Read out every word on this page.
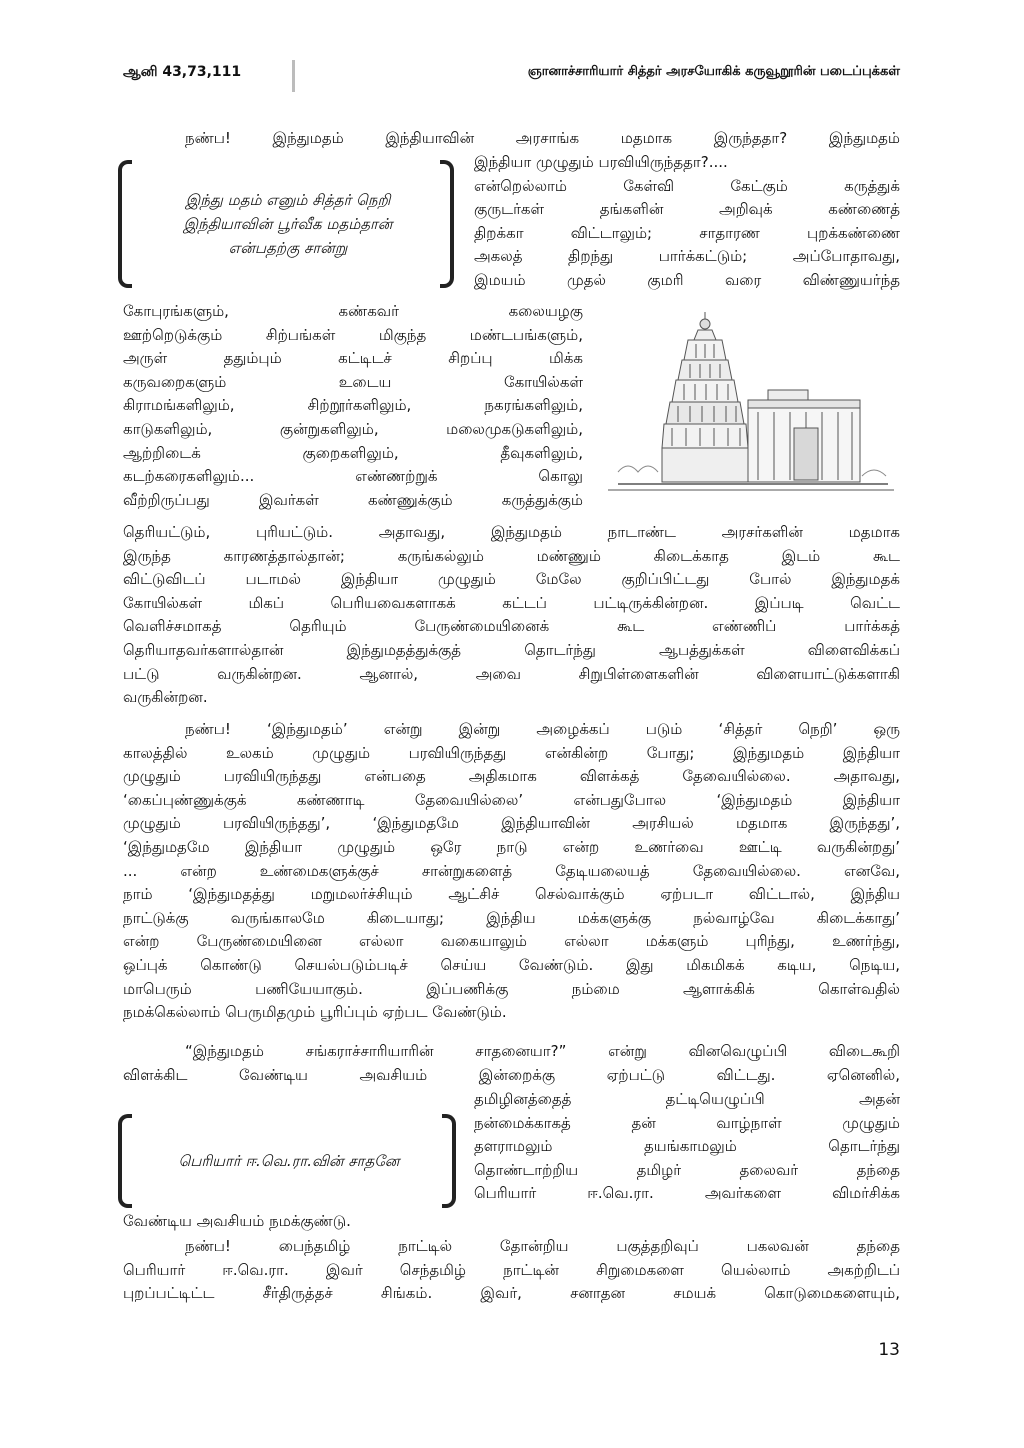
ஆனி 43,73,111	ஞானாச்சாரியார் சித்தர் அரசயோகிக் கருவூறூரின் படைப்புக்கள்

நண்ப! இந்துமதம் இந்தியாவின் அரசாங்க மதமாக இருந்ததா? இந்துமதம்

இந்து மதம் எனும் சித்தர் நெறி
இந்தியாவின் பூர்வீக மதம்தான்
என்பதற்கு சான்று

இந்தியா முழுதும் பரவியிருந்ததா?....

என்றெல்லாம் கேள்வி கேட்கும் கருத்துக்

குருடர்கள் தங்களின் அறிவுக் கண்ணைத்

திறக்கா விட்டாலும்; சாதாரண புறக்கண்ணை

அகலத் திறந்து பார்க்கட்டும்; அப்போதாவது,

இமயம் முதல் குமரி வரை விண்ணுயர்ந்த

கோபுரங்களும், கண்கவர் கலையழகு

ஊற்றெடுக்கும் சிற்பங்கள் மிகுந்த மண்டபங்களும்,

அருள் ததும்பும் கட்டிடச் சிறப்பு மிக்க

கருவறைகளும் உடைய கோயில்கள்

கிராமங்களிலும், சிற்றூர்களிலும், நகரங்களிலும்,

காடுகளிலும், குன்றுகளிலும், மலைமுகடுகளிலும்,

ஆற்றிடைக் குறைகளிலும், தீவுகளிலும்,

கடற்கரைகளிலும்... எண்ணற்றுக் கொலு

வீற்றிருப்பது இவர்கள் கண்ணுக்கும் கருத்துக்கும்

தெரியட்டும், புரியட்டும். அதாவது, இந்துமதம் நாடாண்ட அரசர்களின் மதமாக

இருந்த காரணத்தால்தான்; கருங்கல்லும் மண்ணும் கிடைக்காத இடம் கூட

விட்டுவிடப் படாமல் இந்தியா முழுதும் மேலே குறிப்பிட்டது போல் இந்துமதக்

கோயில்கள் மிகப் பெரியவைகளாகக் கட்டப் பட்டிருக்கின்றன. இப்படி வெட்ட

வெளிச்சமாகத் தெரியும் பேருண்மையினைக் கூட எண்ணிப் பார்க்கத்

தெரியாதவர்களால்தான் இந்துமதத்துக்குத் தொடர்ந்து ஆபத்துக்கள் விளைவிக்கப்

பட்டு வருகின்றன. ஆனால், அவை சிறுபிள்ளைகளின் விளையாட்டுக்களாகி

வருகின்றன.

நண்ப! ‘இந்துமதம்’ என்று இன்று அழைக்கப் படும் ‘சித்தர் நெறி’ ஒரு

காலத்தில் உலகம் முழுதும் பரவியிருந்தது என்கின்ற போது; இந்துமதம் இந்தியா

முழுதும் பரவியிருந்தது என்பதை அதிகமாக விளக்கத் தேவையில்லை. அதாவது,

‘கைப்புண்ணுக்குக் கண்ணாடி தேவையில்லை’ என்பதுபோல ‘இந்துமதம் இந்தியா

முழுதும் பரவியிருந்தது’, ‘இந்துமதமே இந்தியாவின் அரசியல் மதமாக இருந்தது’,

‘இந்துமதமே இந்தியா முழுதும் ஒரே நாடு என்ற உணர்வை ஊட்டி வருகின்றது’

... என்ற உண்மைகளுக்குச் சான்றுகளைத் தேடியலையத் தேவையில்லை. எனவே,

நாம் ‘இந்துமதத்து மறுமலர்ச்சியும் ஆட்சிச் செல்வாக்கும் ஏற்படா விட்டால், இந்திய

நாட்டுக்கு வருங்காலமே கிடையாது; இந்திய மக்களுக்கு நல்வாழ்வே கிடைக்காது’

என்ற பேருண்மையினை எல்லா வகையாலும் எல்லா மக்களும் புரிந்து, உணர்ந்து,

ஒப்புக் கொண்டு செயல்படும்படிச் செய்ய வேண்டும். இது மிகமிகக் கடிய, நெடிய,

மாபெரும் பணியேயாகும். இப்பணிக்கு நம்மை ஆளாக்கிக் கொள்வதில்

நமக்கெல்லாம் பெருமிதமும் பூரிப்பும் ஏற்பட வேண்டும்.

“இந்துமதம் சங்கராச்சாரியாரின் சாதனையா?” என்று வினவெழுப்பி விடைகூறி

விளக்கிட வேண்டிய அவசியம் இன்றைக்கு ஏற்பட்டு விட்டது. ஏனெனில்,

பெரியார் ஈ.வெ.ரா.வின் சாதனே

தமிழினத்தைத் தட்டியெழுப்பி அதன்

நன்மைக்காகத் தன் வாழ்நாள் முழுதும்

தளராமலும் தயங்காமலும் தொடர்ந்து

தொண்டாற்றிய தமிழர் தலைவர் தந்தை

பெரியார் ஈ.வெ.ரா. அவர்களை விமர்சிக்க

வேண்டிய அவசியம் நமக்குண்டு.

நண்ப! பைந்தமிழ் நாட்டில் தோன்றிய பகுத்தறிவுப் பகலவன் தந்தை

பெரியார் ஈ.வெ.ரா. இவர் செந்தமிழ் நாட்டின் சிறுமைகளை யெல்லாம் அகற்றிடப்

புறப்பட்டிட்ட சீர்திருத்தச் சிங்கம். இவர், சனாதன சமயக் கொடுமைகளையும்,

13
